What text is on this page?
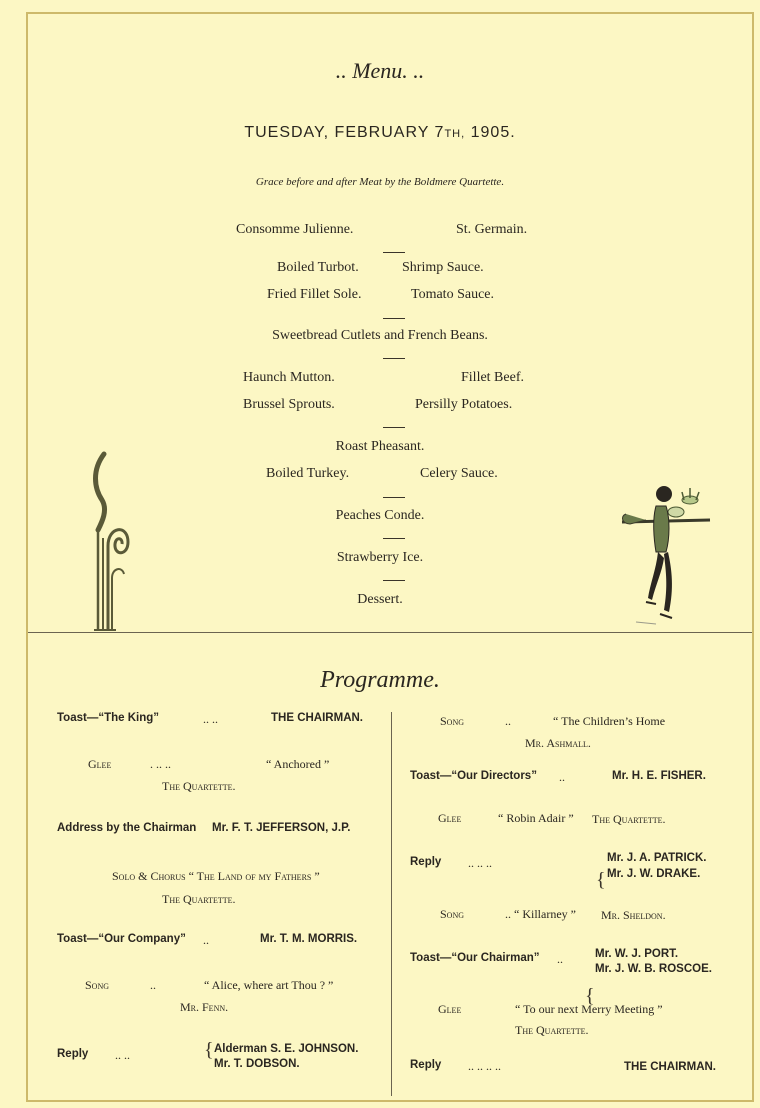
.. Menu. ..
TUESDAY, FEBRUARY 7TH, 1905.
Grace before and after Meat by the Boldmere Quartette.
Consomme Julienne.	St. Germain.
Boiled Turbot.	Shrimp Sauce.
Fried Fillet Sole.	Tomato Sauce.
Sweetbread Cutlets and French Beans.
Haunch Mutton.	Fillet Beef.
Brussel Sprouts.	Persilly Potatoes.
Roast Pheasant.
Boiled Turkey.	Celery Sauce.
Peaches Conde.
Strawberry Ice.
Dessert.
Programme.
Toast—“The King”	.. ..	THE CHAIRMAN.
Glee	. .. ..	“ Anchored ”
The Quartette.
Address by the Chairman Mr. F. T. JEFFERSON, J.P.
Solo & Chorus “ The Land of my Fathers ”
The Quartette.
Toast—“Our Company” ..	Mr. T. M. MORRIS.
Song	..	“ Alice, where art Thou ? ”
Mr. Fenn.
Reply .. ..	{ Alderman S. E. JOHNSON.
Mr. T. DOBSON.
Song	..	“ The Children’s Home
Mr. Ashmall.
Toast—“Our Directors” ..	Mr. H. E. FISHER.
Glee	“ Robin Adair ” The Quartette.
Reply .. .. ..
{
Mr. J. A. PATRICK.
Mr. J. W. DRAKE.
Song	.. “ Killarney ” Mr. Sheldon.
Toast—“Our Chairman” ..
{
Mr. W. J. PORT.
Mr. J. W. B. ROSCOE.
Glee	“ To our next Merry Meeting ”
The Quartette.
Reply .. .. .. ..	THE CHAIRMAN.
